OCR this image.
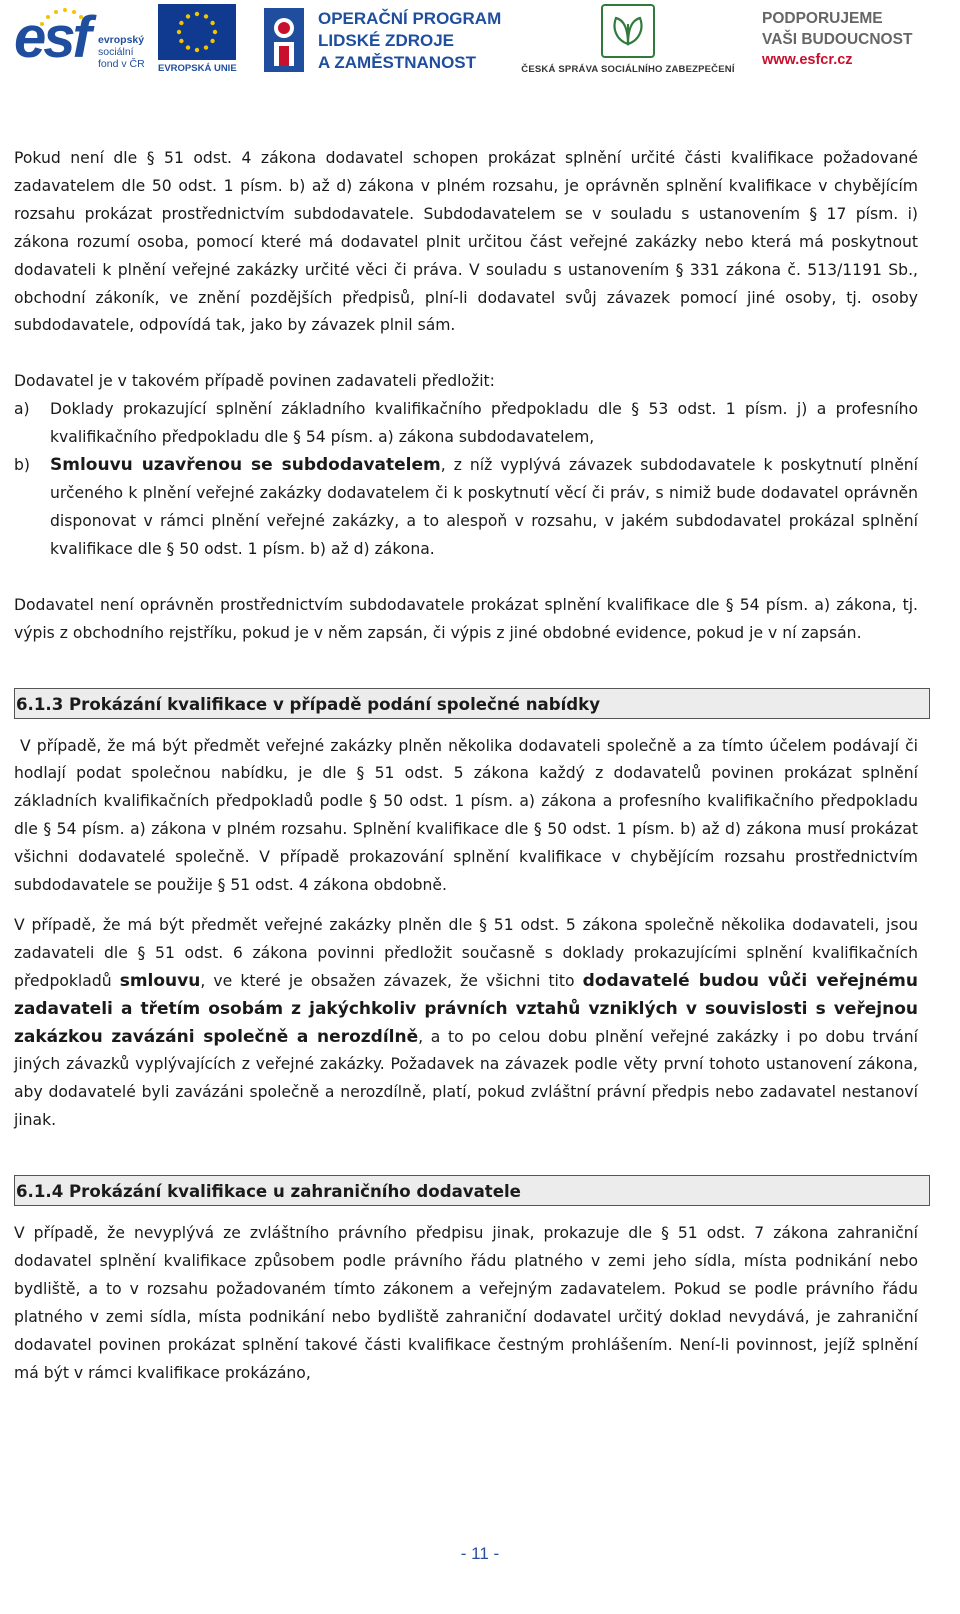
esf evropský
sociální
fond v ČR EVROPSKÁ UNIE
OPERAČNÍ PROGRAM
LIDSKÉ ZDROJE
A ZAMĚSTNANOST	ČESKÁ SPRÁVA SOCIÁLNÍHO ZABEZPEČENÍ
PODPORUJEME
VAŠI BUDOUCNOST
www.esfcr.cz

Pokud není dle § 51 odst. 4 zákona dodavatel schopen prokázat splnění určité části kvalifikace požadované zadavatelem dle 50 odst. 1 písm. b) až d) zákona v plném rozsahu, je oprávněn splnění kvalifikace v chybějícím rozsahu prokázat prostřednictvím subdodavatele. Subdodavatelem se v souladu s ustanovením § 17 písm. i) zákona rozumí osoba, pomocí které má dodavatel plnit určitou část veřejné zakázky nebo která má poskytnout dodavateli k plnění veřejné zakázky určité věci či práva. V souladu s ustanovením § 331 zákona č. 513/1191 Sb., obchodní zákoník, ve znění pozdějších předpisů, plní-li dodavatel svůj závazek pomocí jiné osoby, tj. osoby subdodavatele, odpovídá tak, jako by závazek plnil sám.

Dodavatel je v takovém případě povinen zadavateli předložit:

a)	Doklady prokazující splnění základního kvalifikačního předpokladu dle § 53 odst. 1 písm. j) a profesního kvalifikačního předpokladu dle § 54 písm. a) zákona subdodavatelem,
b)	Smlouvu uzavřenou se subdodavatelem, z níž vyplývá závazek subdodavatele k poskytnutí plnění určeného k plnění veřejné zakázky dodavatelem či k poskytnutí věcí či práv, s nimiž bude dodavatel oprávněn disponovat v rámci plnění veřejné zakázky, a to alespoň v rozsahu, v jakém subdodavatel prokázal splnění kvalifikace dle § 50 odst. 1 písm. b) až d) zákona.

Dodavatel není oprávněn prostřednictvím subdodavatele prokázat splnění kvalifikace dle § 54 písm. a) zákona, tj. výpis z obchodního rejstříku, pokud je v něm zapsán, či výpis z jiné obdobné evidence, pokud je v ní zapsán.

6.1.3 Prokázání kvalifikace v případě podání společné nabídky

V případě, že má být předmět veřejné zakázky plněn několika dodavateli společně a za tímto účelem podávají či hodlají podat společnou nabídku, je dle § 51 odst. 5 zákona každý z dodavatelů povinen prokázat splnění základních kvalifikačních předpokladů podle § 50 odst. 1 písm. a) zákona a profesního kvalifikačního předpokladu dle § 54 písm. a) zákona v plném rozsahu. Splnění kvalifikace dle § 50 odst. 1 písm. b) až d) zákona musí prokázat všichni dodavatelé společně. V případě prokazování splnění kvalifikace v chybějícím rozsahu prostřednictvím subdodavatele se použije § 51 odst. 4 zákona obdobně.

V případě, že má být předmět veřejné zakázky plněn dle § 51 odst. 5 zákona společně několika dodavateli, jsou zadavateli dle § 51 odst. 6 zákona povinni předložit současně s doklady prokazujícími splnění kvalifikačních předpokladů smlouvu, ve které je obsažen závazek, že všichni tito dodavatelé budou vůči veřejnému zadavateli a třetím osobám z jakýchkoliv právních vztahů vzniklých v souvislosti s veřejnou zakázkou zavázáni společně a nerozdílně, a to po celou dobu plnění veřejné zakázky i po dobu trvání jiných závazků vyplývajících z veřejné zakázky. Požadavek na závazek podle věty první tohoto ustanovení zákona, aby dodavatelé byli zavázáni společně a nerozdílně, platí, pokud zvláštní právní předpis nebo zadavatel nestanoví jinak.

6.1.4 Prokázání kvalifikace u zahraničního dodavatele

V případě, že nevyplývá ze zvláštního právního předpisu jinak, prokazuje dle § 51 odst. 7 zákona zahraniční dodavatel splnění kvalifikace způsobem podle právního řádu platného v zemi jeho sídla, místa podnikání nebo bydliště, a to v rozsahu požadovaném tímto zákonem a veřejným zadavatelem. Pokud se podle právního řádu platného v zemi sídla, místa podnikání nebo bydliště zahraniční dodavatel určitý doklad nevydává, je zahraniční dodavatel povinen prokázat splnění takové části kvalifikace čestným prohlášením. Není-li povinnost, jejíž splnění má být v rámci kvalifikace prokázáno,

- 11 -
